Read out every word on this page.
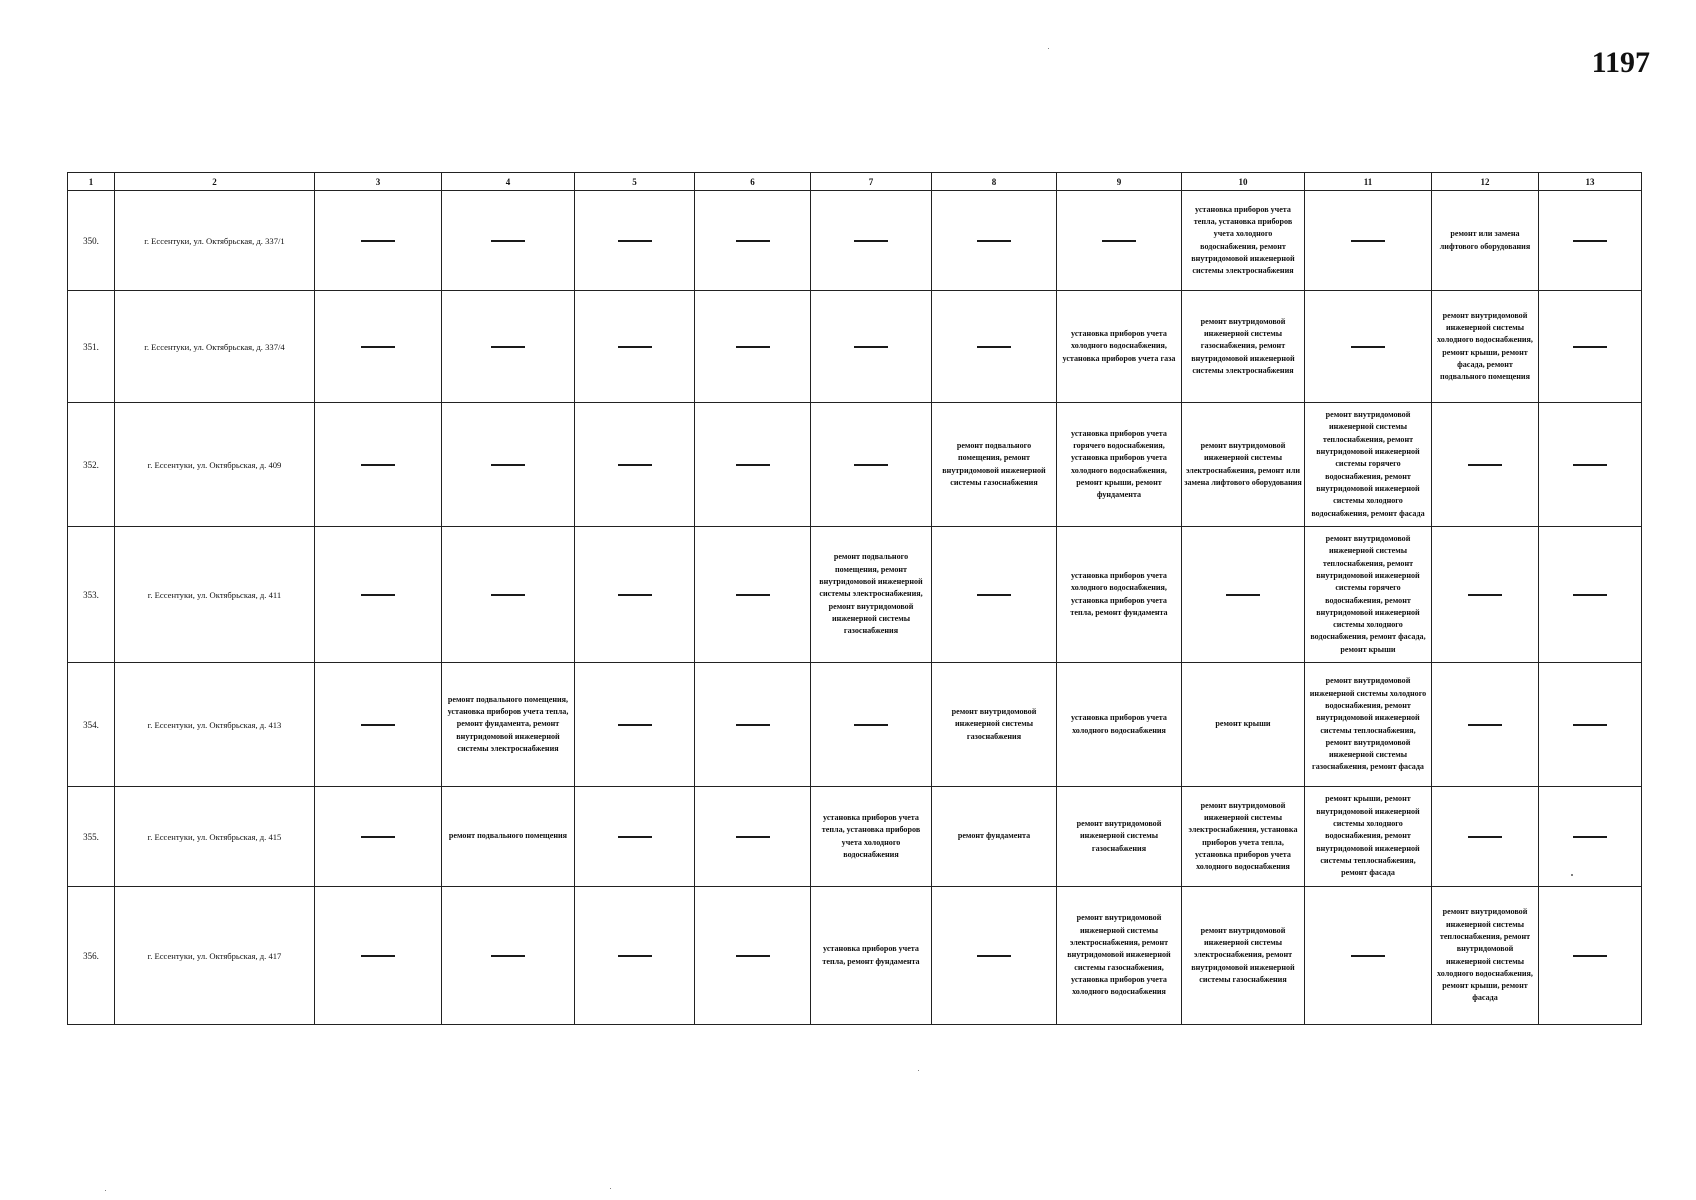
1197
1	2	3	4	5	6	7	8	9	10	11	12	13
350.	г. Ессентуки, ул. Октябрьская, д. 337/1								установка приборов учета тепла, установка приборов учета холодного водоснабжения, ремонт внутридомовой инженерной системы электроснабжения		ремонт или замена лифтового оборудования	
351.	г. Ессентуки, ул. Октябрьская, д. 337/4							установка приборов учета холодного водоснабжения, установка приборов учета газа	ремонт внутридомовой инженерной системы газоснабжения, ремонт внутридомовой инженерной системы электроснабжения		ремонт внутридомовой инженерной системы холодного водоснабжения, ремонт крыши, ремонт фасада, ремонт подвального помещения	
352.	г. Ессентуки, ул. Октябрьская, д. 409						ремонт подвального помещения, ремонт внутридомовой инженерной системы газоснабжения	установка приборов учета горячего водоснабжения, установка приборов учета холодного водоснабжения, ремонт крыши, ремонт фундамента	ремонт внутридомовой инженерной системы электроснабжения, ремонт или замена лифтового оборудования	ремонт внутридомовой инженерной системы теплоснабжения, ремонт внутридомовой инженерной системы горячего водоснабжения, ремонт внутридомовой инженерной системы холодного водоснабжения, ремонт фасада		
353.	г. Ессентуки, ул. Октябрьская, д. 411					ремонт подвального помещения, ремонт внутридомовой инженерной системы электроснабжения, ремонт внутридомовой инженерной системы газоснабжения		установка приборов учета холодного водоснабжения, установка приборов учета тепла, ремонт фундамента		ремонт внутридомовой инженерной системы теплоснабжения, ремонт внутридомовой инженерной системы горячего водоснабжения, ремонт внутридомовой инженерной системы холодного водоснабжения, ремонт фасада, ремонт крыши		
354.	г. Ессентуки, ул. Октябрьская, д. 413		ремонт подвального помещения, установка приборов учета тепла, ремонт фундамента, ремонт внутридомовой инженерной системы электроснабжения				ремонт внутридомовой инженерной системы газоснабжения	установка приборов учета холодного водоснабжения	ремонт крыши	ремонт внутридомовой инженерной системы холодного водоснабжения, ремонт внутридомовой инженерной системы теплоснабжения, ремонт внутридомовой инженерной системы газоснабжения, ремонт фасада		
355.	г. Ессентуки, ул. Октябрьская, д. 415		ремонт подвального помещения			установка приборов учета тепла, установка приборов учета холодного водоснабжения	ремонт фундамента	ремонт внутридомовой инженерной системы газоснабжения	ремонт внутридомовой инженерной системы электроснабжения, установка приборов учета тепла, установка приборов учета холодного водоснабжения	ремонт крыши, ремонт внутридомовой инженерной системы холодного водоснабжения, ремонт внутридомовой инженерной системы теплоснабжения, ремонт фасада		
356.	г. Ессентуки, ул. Октябрьская, д. 417					установка приборов учета тепла, ремонт фундамента		ремонт внутридомовой инженерной системы электроснабжения, ремонт внутридомовой инженерной системы газоснабжения, установка приборов учета холодного водоснабжения	ремонт внутридомовой инженерной системы электроснабжения, ремонт внутридомовой инженерной системы газоснабжения		ремонт внутридомовой инженерной системы теплоснабжения, ремонт внутридомовой инженерной системы холодного водоснабжения, ремонт крыши, ремонт фасада	
